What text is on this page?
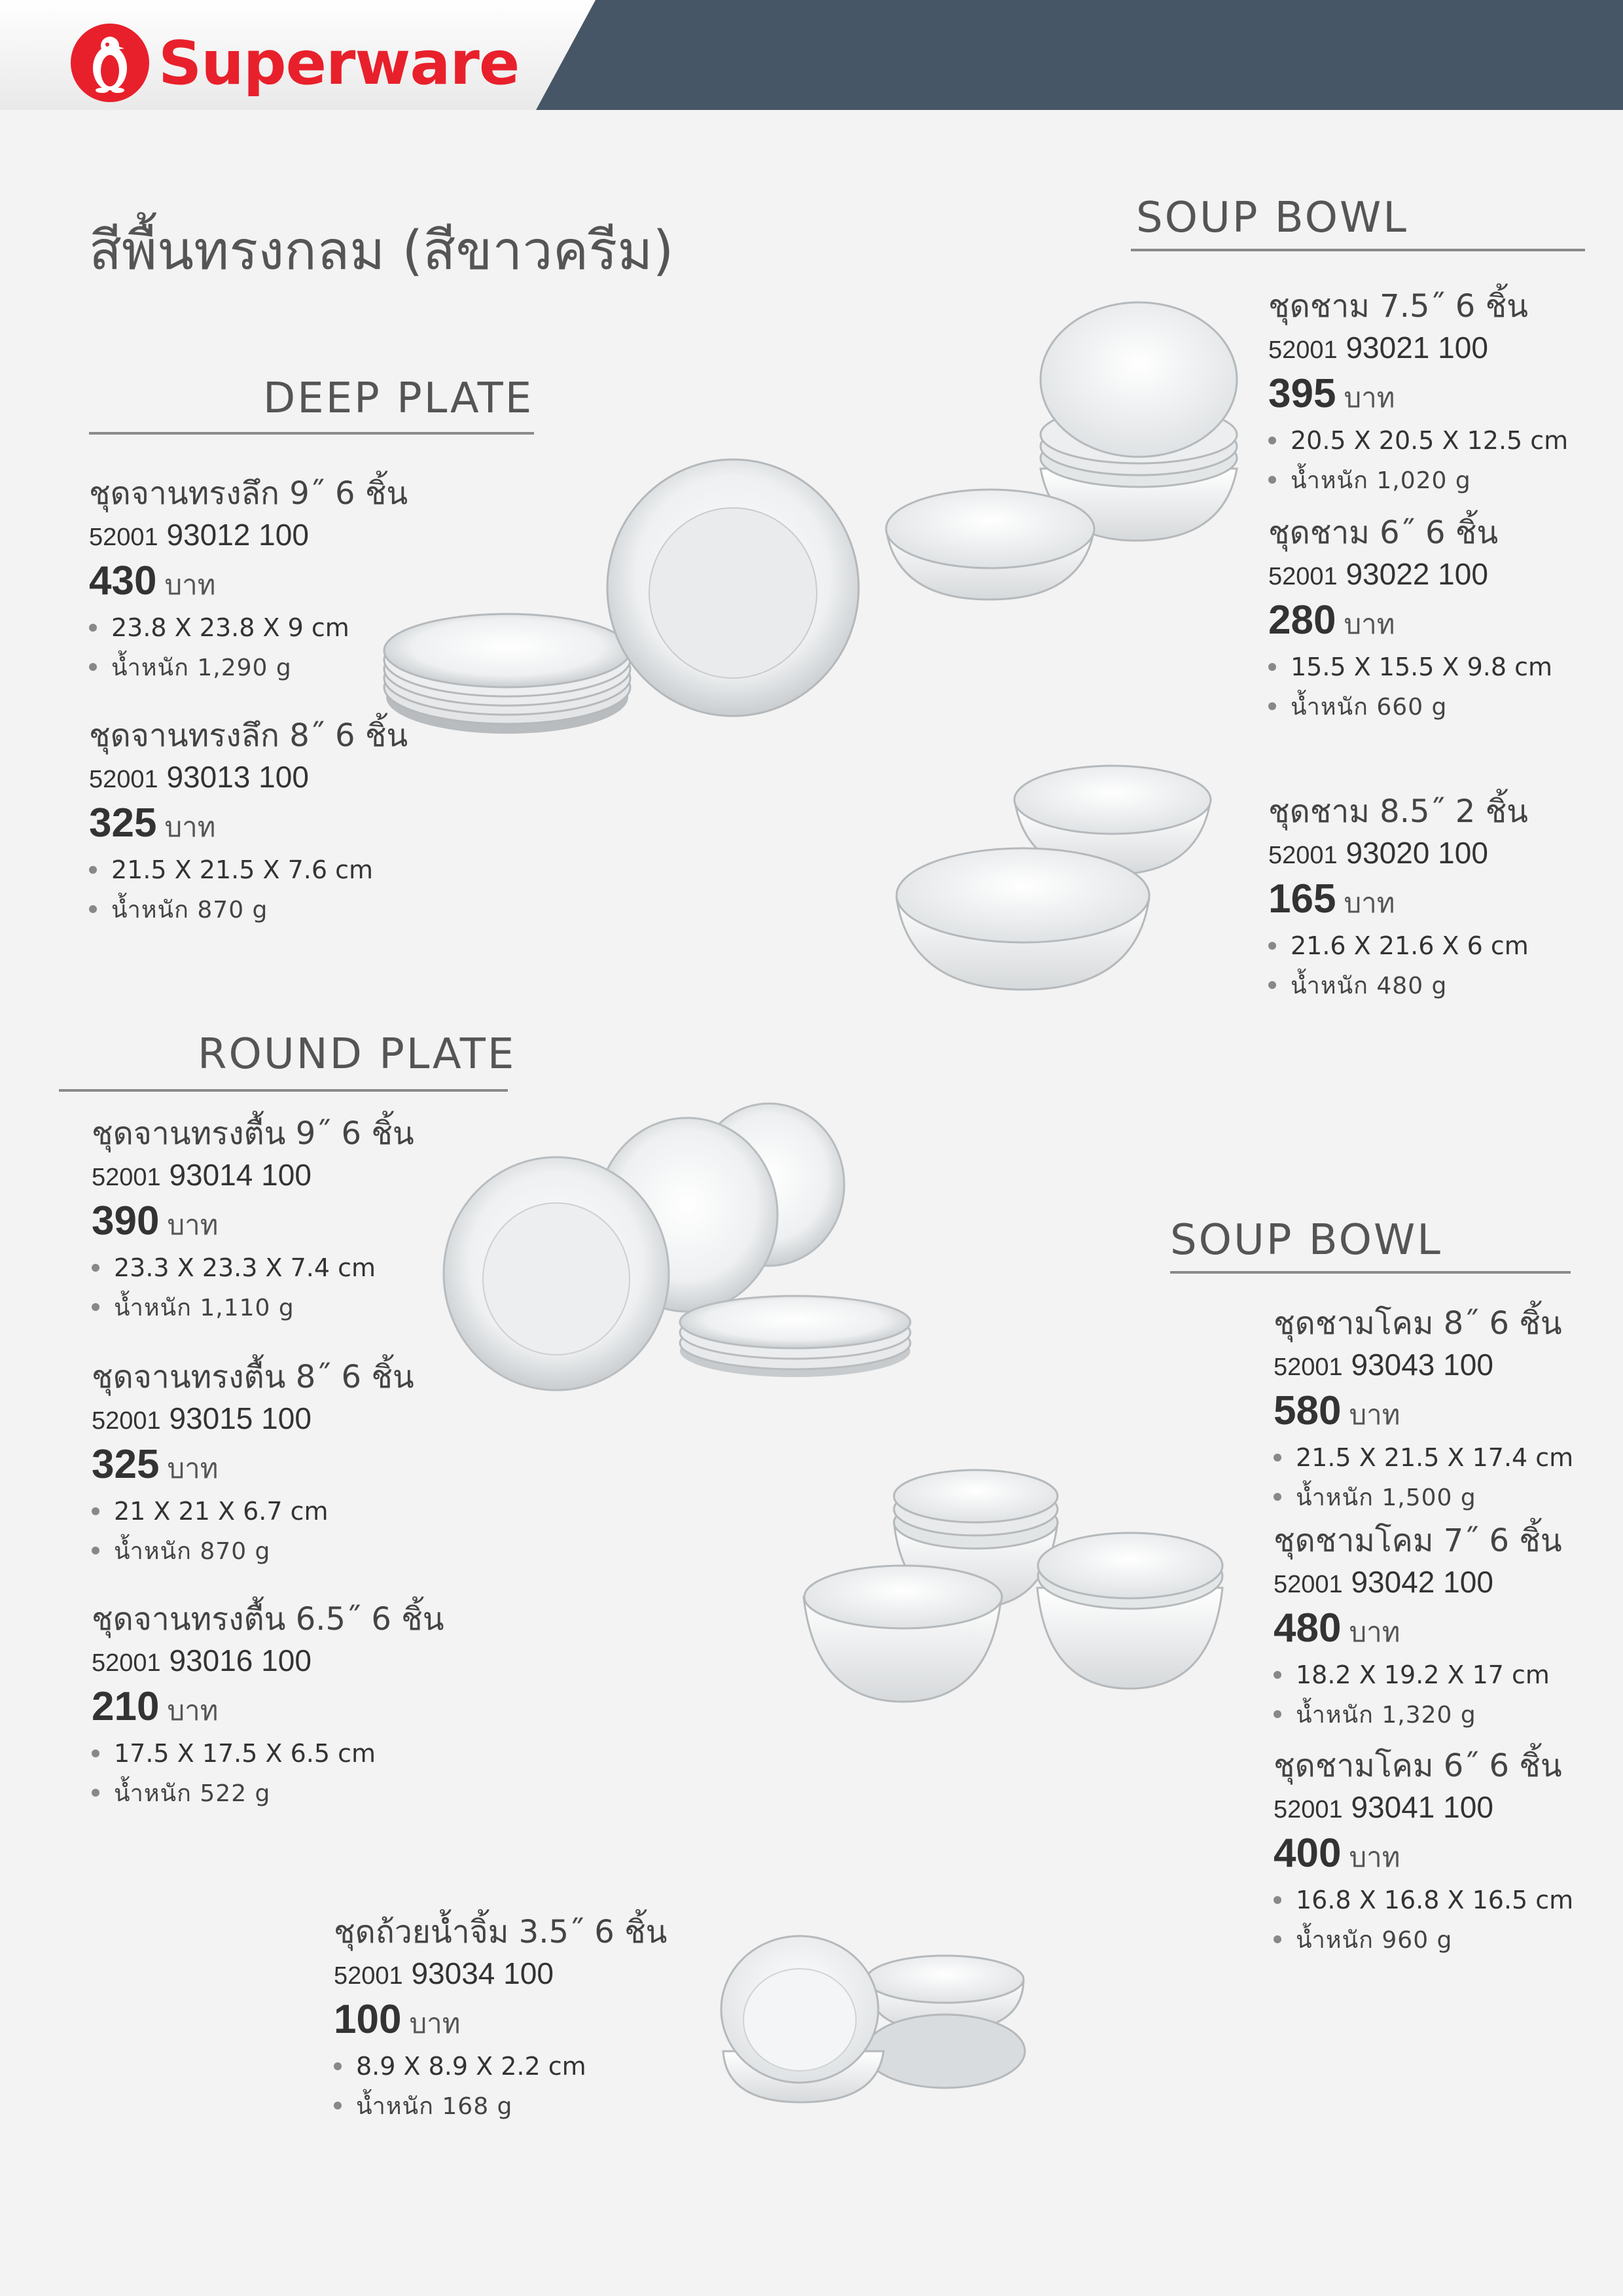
Superware
สีพื้นทรงกลม (สีขาวครีม)
DEEP PLATE
ROUND PLATE
SOUP BOWL
SOUP BOWL
ชุดจานทรงลึก 9˝ 6 ชิ้น
52001 93012 100
430 บาท
23.8 X 23.8 X 9 cm
น้ำหนัก 1,290 g
ชุดจานทรงลึก 8˝ 6 ชิ้น
52001 93013 100
325 บาท
21.5 X 21.5 X 7.6 cm
น้ำหนัก 870 g
ชุดจานทรงตื้น 9˝ 6 ชิ้น
52001 93014 100
390 บาท
23.3 X 23.3 X 7.4 cm
น้ำหนัก 1,110 g
ชุดจานทรงตื้น 8˝ 6 ชิ้น
52001 93015 100
325 บาท
21 X 21 X 6.7 cm
น้ำหนัก 870 g
ชุดจานทรงตื้น 6.5˝ 6 ชิ้น
52001 93016 100
210 บาท
17.5 X 17.5 X 6.5 cm
น้ำหนัก 522 g
ชุดถ้วยน้ำจิ้ม 3.5˝ 6 ชิ้น
52001 93034 100
100 บาท
8.9 X 8.9 X 2.2 cm
น้ำหนัก 168 g
ชุดชาม 7.5˝ 6 ชิ้น
52001 93021 100
395 บาท
20.5 X 20.5 X 12.5 cm
น้ำหนัก 1,020 g
ชุดชาม 6˝ 6 ชิ้น
52001 93022 100
280 บาท
15.5 X 15.5 X 9.8 cm
น้ำหนัก 660 g
ชุดชาม 8.5˝ 2 ชิ้น
52001 93020 100
165 บาท
21.6 X 21.6 X 6 cm
น้ำหนัก 480 g
ชุดชามโคม 8˝ 6 ชิ้น
52001 93043 100
580 บาท
21.5 X 21.5 X 17.4 cm
น้ำหนัก 1,500 g
ชุดชามโคม 7˝ 6 ชิ้น
52001 93042 100
480 บาท
18.2 X 19.2 X 17 cm
น้ำหนัก 1,320 g
ชุดชามโคม 6˝ 6 ชิ้น
52001 93041 100
400 บาท
16.8 X 16.8 X 16.5 cm
น้ำหนัก 960 g
